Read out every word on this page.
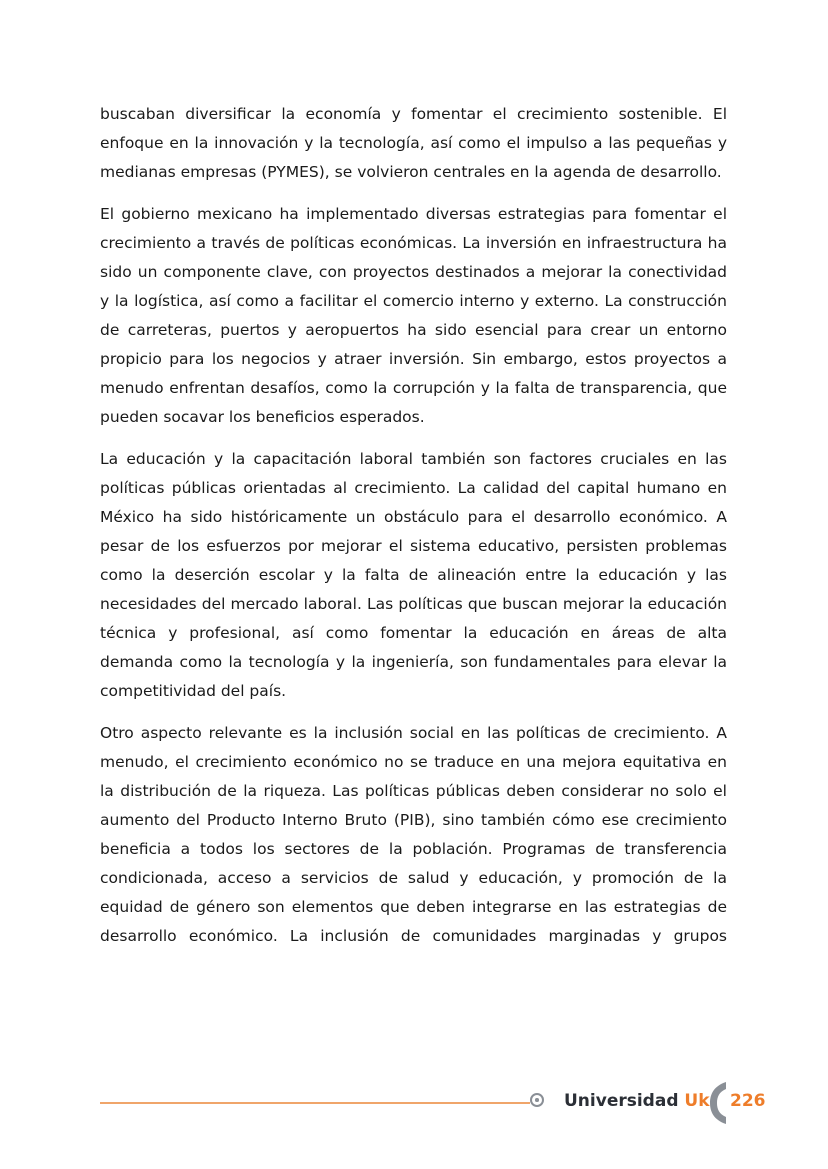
buscaban diversificar la economía y fomentar el crecimiento sostenible. El enfoque en la innovación y la tecnología, así como el impulso a las pequeñas y medianas empresas (PYMES), se volvieron centrales en la agenda de desarrollo.

El gobierno mexicano ha implementado diversas estrategias para fomentar el crecimiento a través de políticas económicas. La inversión en infraestructura ha sido un componente clave, con proyectos destinados a mejorar la conectividad y la logística, así como a facilitar el comercio interno y externo. La construcción de carreteras, puertos y aeropuertos ha sido esencial para crear un entorno propicio para los negocios y atraer inversión. Sin embargo, estos proyectos a menudo enfrentan desafíos, como la corrupción y la falta de transparencia, que pueden socavar los beneficios esperados.

La educación y la capacitación laboral también son factores cruciales en las políticas públicas orientadas al crecimiento. La calidad del capital humano en México ha sido históricamente un obstáculo para el desarrollo económico. A pesar de los esfuerzos por mejorar el sistema educativo, persisten problemas como la deserción escolar y la falta de alineación entre la educación y las necesidades del mercado laboral. Las políticas que buscan mejorar la educación técnica y profesional, así como fomentar la educación en áreas de alta demanda como la tecnología y la ingeniería, son fundamentales para elevar la competitividad del país.

Otro aspecto relevante es la inclusión social en las políticas de crecimiento. A menudo, el crecimiento económico no se traduce en una mejora equitativa en la distribución de la riqueza. Las políticas públicas deben considerar no solo el aumento del Producto Interno Bruto (PIB), sino también cómo ese crecimiento beneficia a todos los sectores de la población. Programas de transferencia condicionada, acceso a servicios de salud y educación, y promoción de la equidad de género son elementos que deben integrarse en las estrategias de desarrollo económico. La inclusión de comunidades marginadas y grupos

Universidad Uk 226
